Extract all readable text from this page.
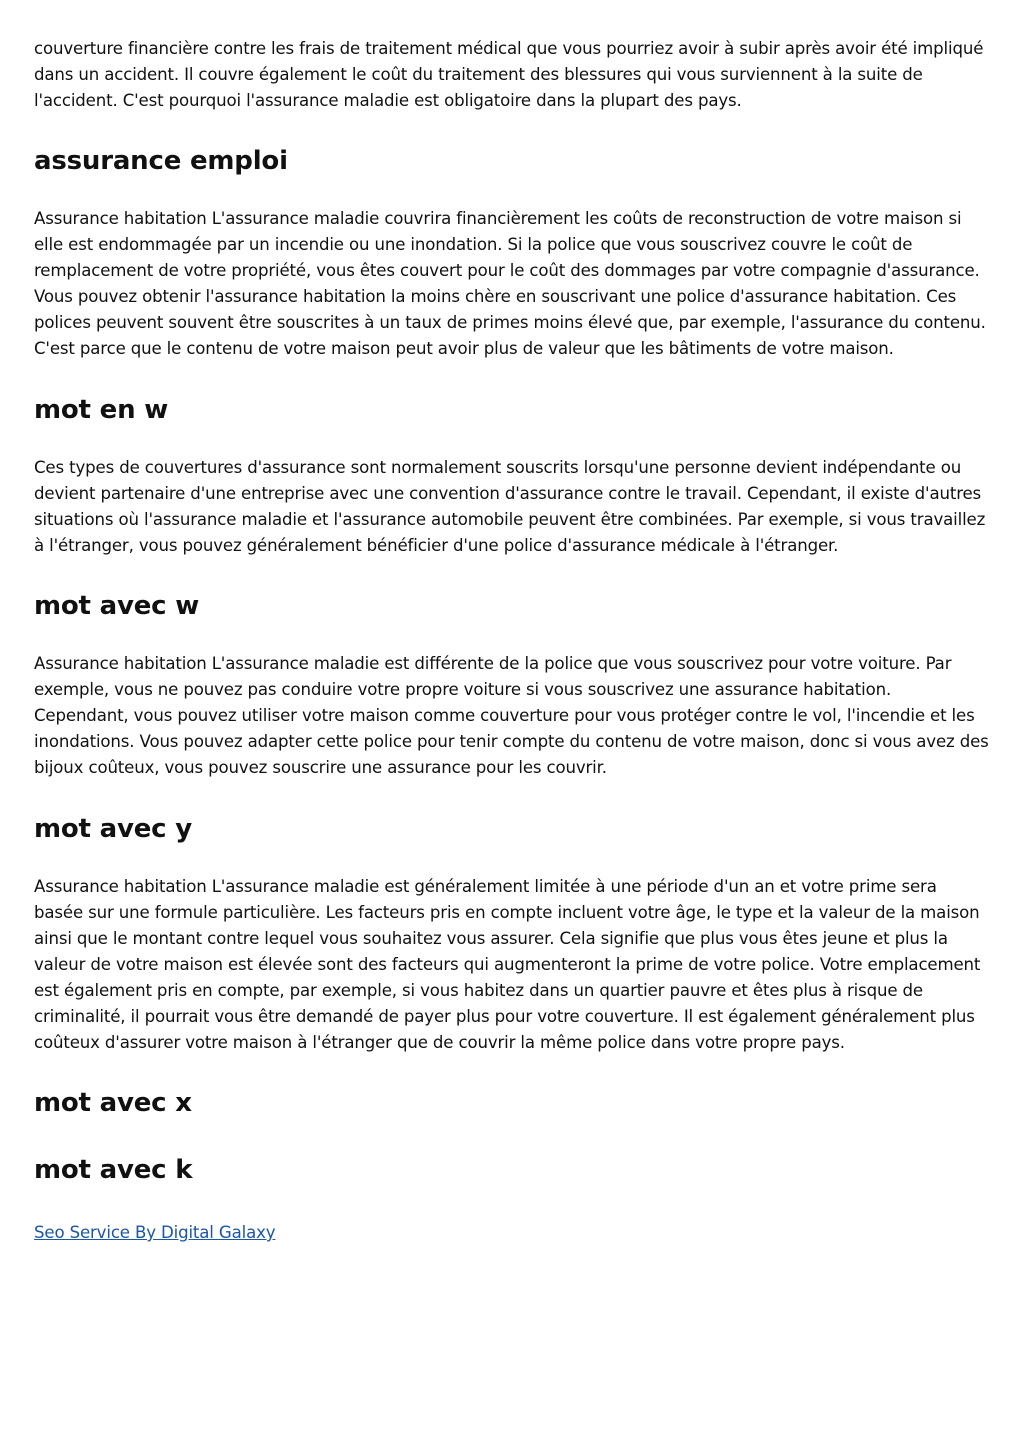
couverture financière contre les frais de traitement médical que vous pourriez avoir à subir après avoir été impliqué dans un accident. Il couvre également le coût du traitement des blessures qui vous surviennent à la suite de l'accident. C'est pourquoi l'assurance maladie est obligatoire dans la plupart des pays.

assurance emploi

Assurance habitation L'assurance maladie couvrira financièrement les coûts de reconstruction de votre maison si elle est endommagée par un incendie ou une inondation. Si la police que vous souscrivez couvre le coût de remplacement de votre propriété, vous êtes couvert pour le coût des dommages par votre compagnie d'assurance. Vous pouvez obtenir l'assurance habitation la moins chère en souscrivant une police d'assurance habitation. Ces polices peuvent souvent être souscrites à un taux de primes moins élevé que, par exemple, l'assurance du contenu. C'est parce que le contenu de votre maison peut avoir plus de valeur que les bâtiments de votre maison.

mot en w

Ces types de couvertures d'assurance sont normalement souscrits lorsqu'une personne devient indépendante ou devient partenaire d'une entreprise avec une convention d'assurance contre le travail. Cependant, il existe d'autres situations où l'assurance maladie et l'assurance automobile peuvent être combinées. Par exemple, si vous travaillez à l'étranger, vous pouvez généralement bénéficier d'une police d'assurance médicale à l'étranger.

mot avec w

Assurance habitation L'assurance maladie est différente de la police que vous souscrivez pour votre voiture. Par exemple, vous ne pouvez pas conduire votre propre voiture si vous souscrivez une assurance habitation. Cependant, vous pouvez utiliser votre maison comme couverture pour vous protéger contre le vol, l'incendie et les inondations. Vous pouvez adapter cette police pour tenir compte du contenu de votre maison, donc si vous avez des bijoux coûteux, vous pouvez souscrire une assurance pour les couvrir.

mot avec y

Assurance habitation L'assurance maladie est généralement limitée à une période d'un an et votre prime sera basée sur une formule particulière. Les facteurs pris en compte incluent votre âge, le type et la valeur de la maison ainsi que le montant contre lequel vous souhaitez vous assurer. Cela signifie que plus vous êtes jeune et plus la valeur de votre maison est élevée sont des facteurs qui augmenteront la prime de votre police. Votre emplacement est également pris en compte, par exemple, si vous habitez dans un quartier pauvre et êtes plus à risque de criminalité, il pourrait vous être demandé de payer plus pour votre couverture. Il est également généralement plus coûteux d'assurer votre maison à l'étranger que de couvrir la même police dans votre propre pays.

mot avec x
mot avec k
Seo Service By Digital Galaxy
